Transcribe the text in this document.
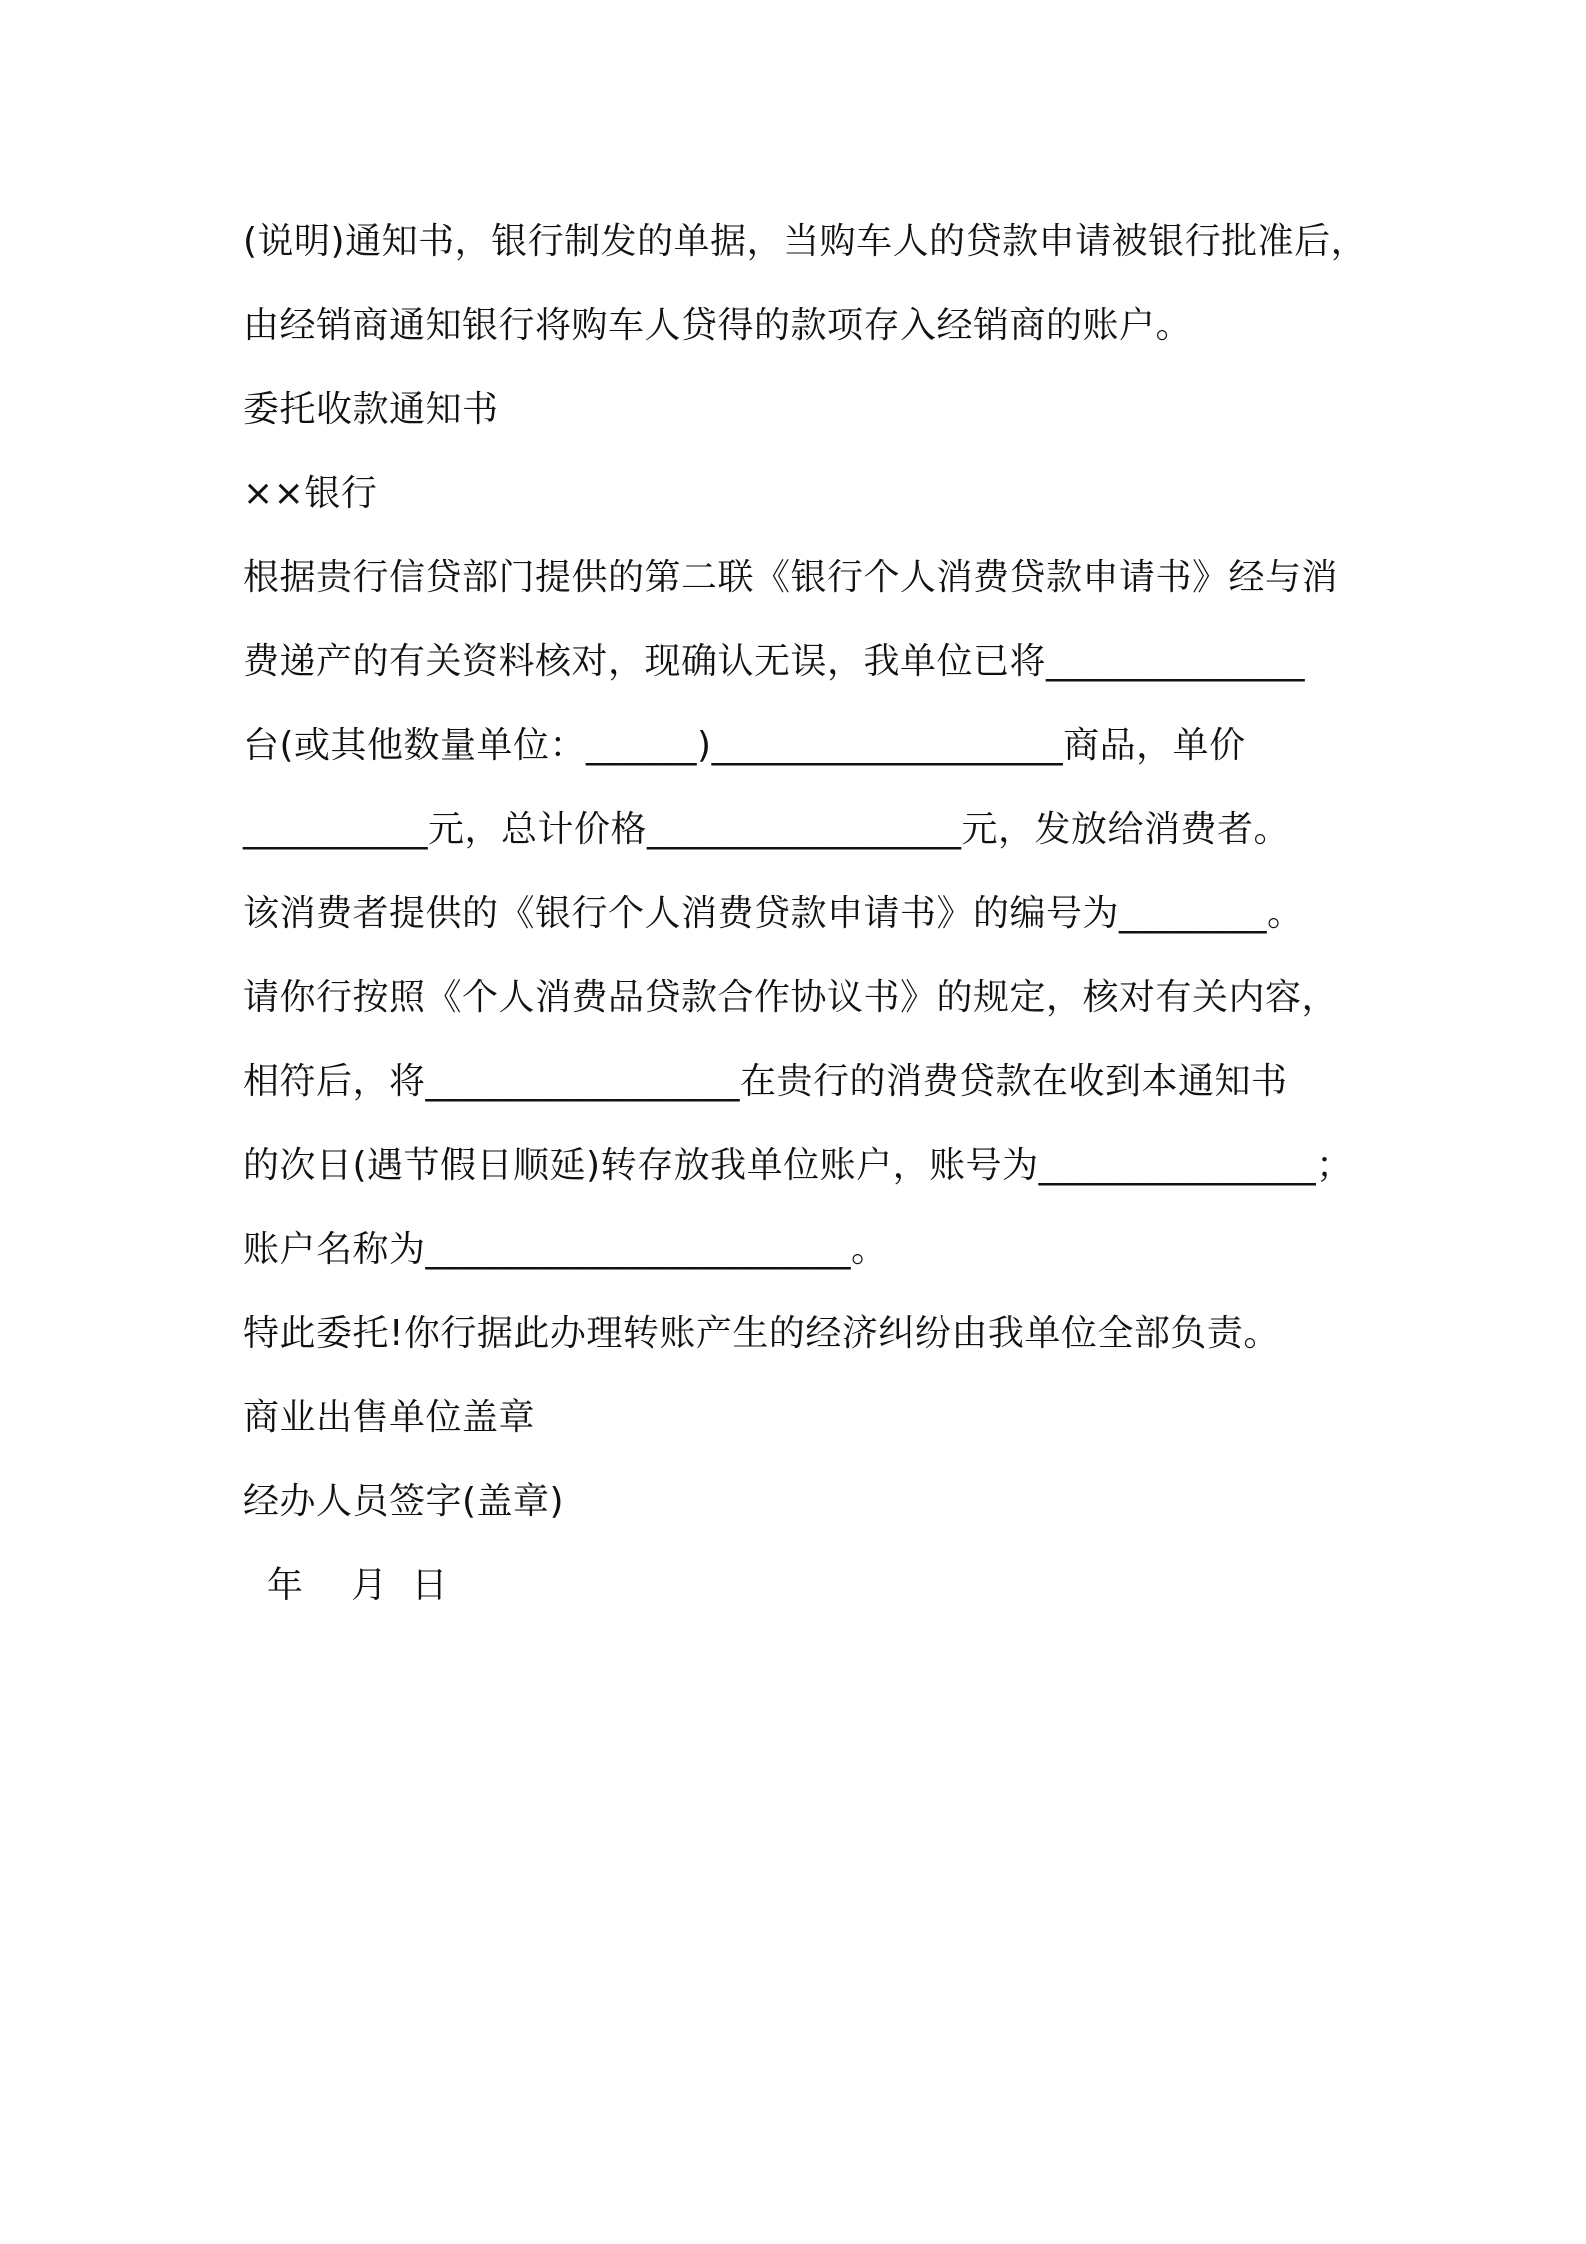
(说明)通知书，银行制发的单据，当购车人的贷款申请被银行批准后，
由经销商通知银行将购车人贷得的款项存入经销商的账户。
委托收款通知书
××银行
根据贵行信贷部门提供的第二联《银行个人消费贷款申请书》经与消
费递产的有关资料核对，现确认无误，我单位已将______________
台(或其他数量单位：______)___________________商品，单价
__________元，总计价格_________________元，发放给消费者。
该消费者提供的《银行个人消费贷款申请书》的编号为________。
请你行按照《个人消费品贷款合作协议书》的规定，核对有关内容，
相符后，将_________________在贵行的消费贷款在收到本通知书
的次日(遇节假日顺延)转存放我单位账户，账号为_______________；
账户名称为_______________________。
特此委托!你行据此办理转账产生的经济纠纷由我单位全部负责。
商业出售单位盖章
经办人员签字(盖章)
年    月  日
